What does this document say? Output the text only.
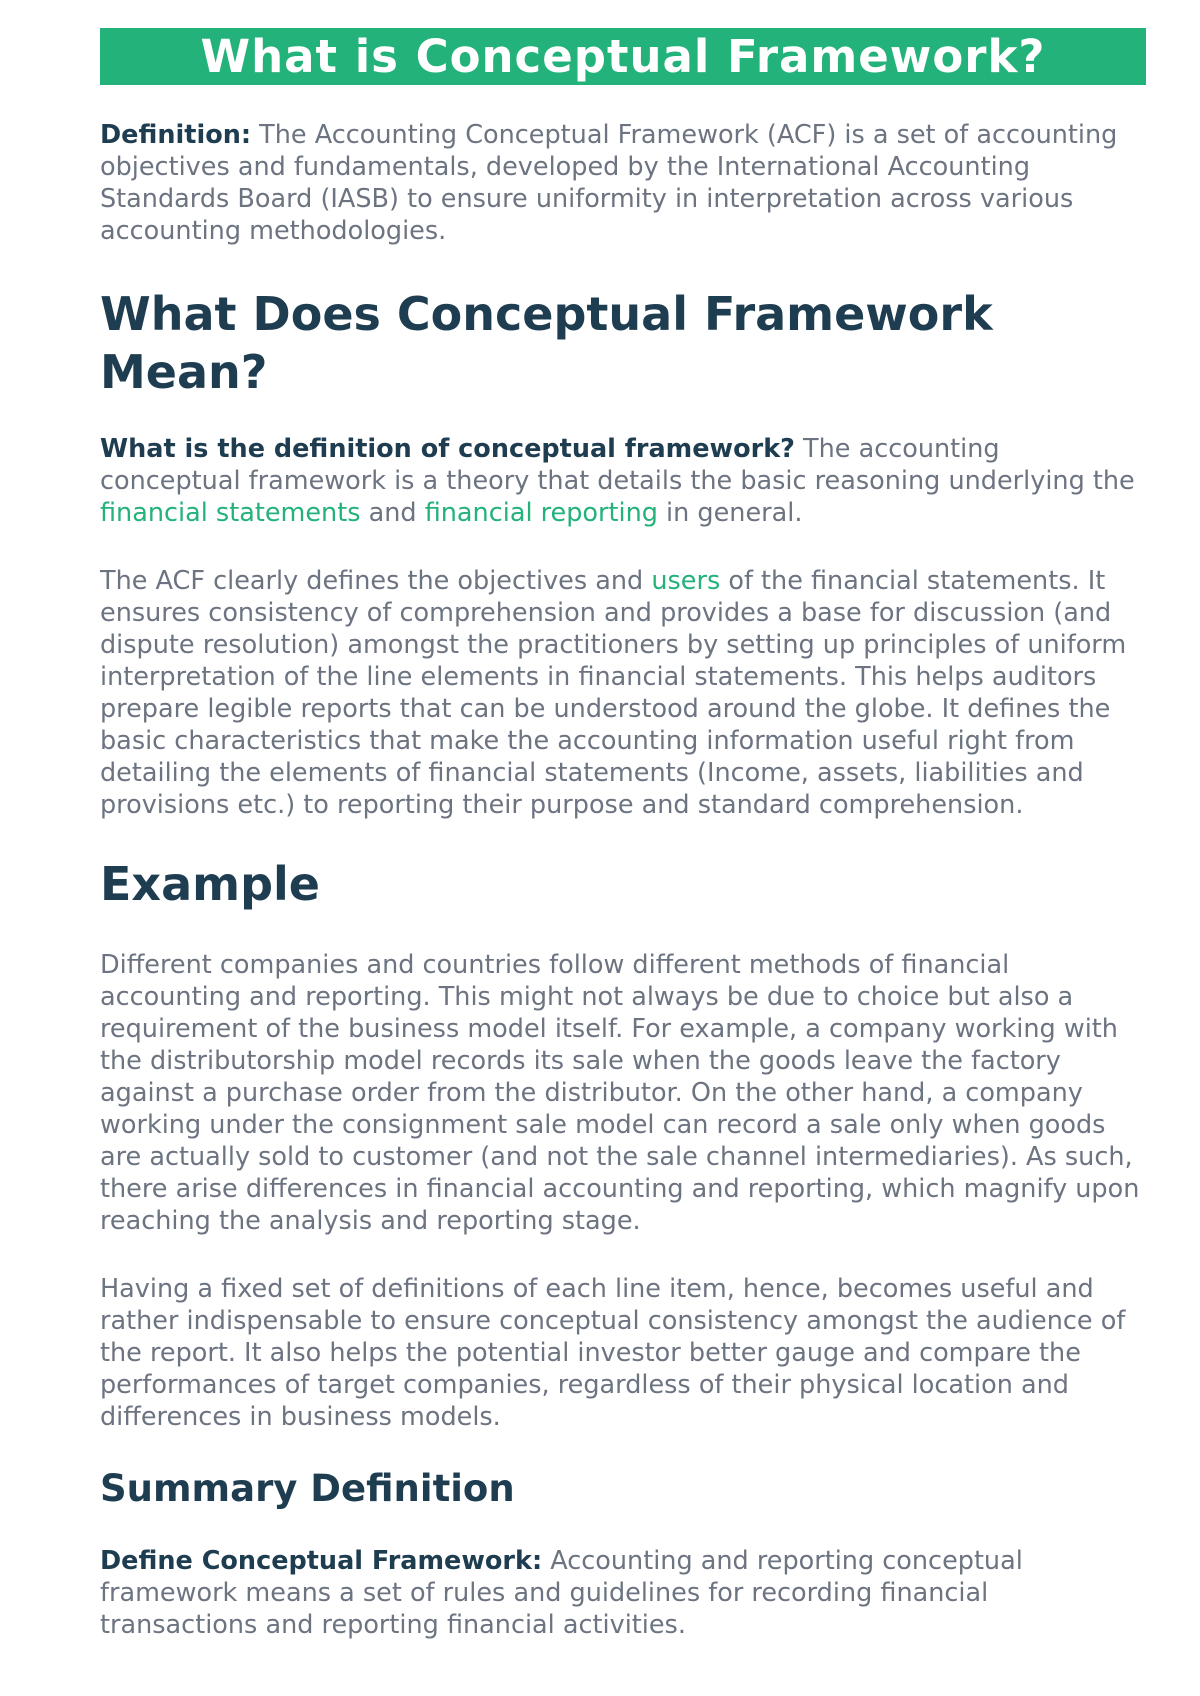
What is Conceptual Framework?

Definition: The Accounting Conceptual Framework (ACF) is a set of accounting objectives and fundamentals, developed by the International Accounting Standards Board (IASB) to ensure uniformity in interpretation across various accounting methodologies.

What Does Conceptual Framework Mean?

What is the definition of conceptual framework? The accounting conceptual framework is a theory that details the basic reasoning underlying the financial statements and financial reporting in general.

The ACF clearly defines the objectives and users of the financial statements. It ensures consistency of comprehension and provides a base for discussion (and dispute resolution) amongst the practitioners by setting up principles of uniform interpretation of the line elements in financial statements. This helps auditors prepare legible reports that can be understood around the globe. It defines the basic characteristics that make the accounting information useful right from detailing the elements of financial statements (Income, assets, liabilities and provisions etc.) to reporting their purpose and standard comprehension.

Example

Different companies and countries follow different methods of financial accounting and reporting. This might not always be due to choice but also a requirement of the business model itself. For example, a company working with the distributorship model records its sale when the goods leave the factory against a purchase order from the distributor. On the other hand, a company working under the consignment sale model can record a sale only when goods are actually sold to customer (and not the sale channel intermediaries). As such, there arise differences in financial accounting and reporting, which magnify upon reaching the analysis and reporting stage.

Having a fixed set of definitions of each line item, hence, becomes useful and rather indispensable to ensure conceptual consistency amongst the audience of the report. It also helps the potential investor better gauge and compare the performances of target companies, regardless of their physical location and differences in business models.

Summary Definition

Define Conceptual Framework: Accounting and reporting conceptual framework means a set of rules and guidelines for recording financial transactions and reporting financial activities.
